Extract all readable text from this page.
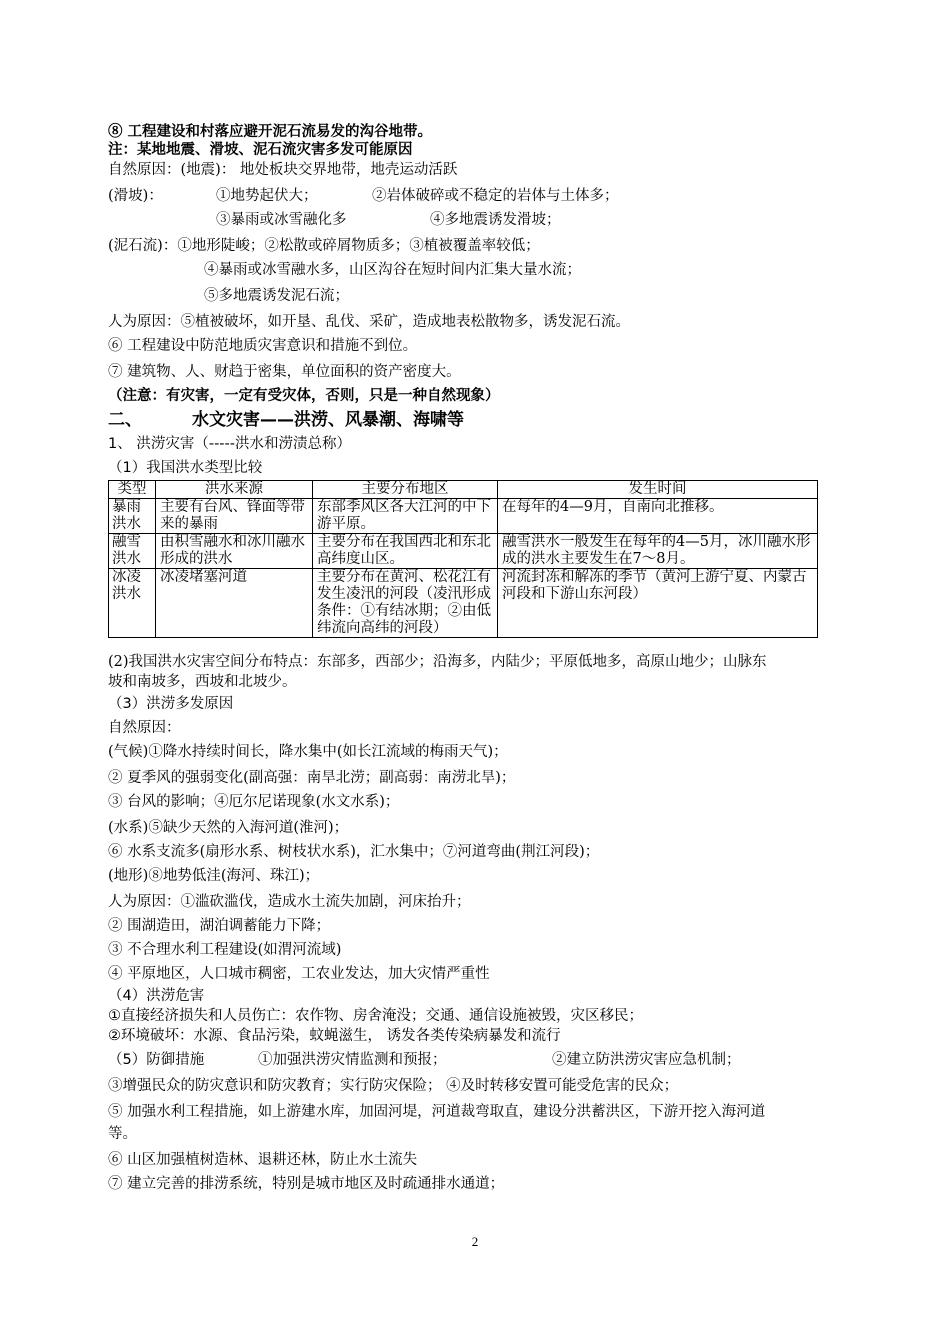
⑧ 工程建设和村落应避开泥石流易发的沟谷地带。
注：某地地震、滑坡、泥石流灾害多发可能原因
自然原因：(地震)： 地处板块交界地带，地壳运动活跃
(滑坡)：	①地势起伏大；	②岩体破碎或不稳定的岩体与土体多；
③暴雨或冰雪融化多	④多地震诱发滑坡；
(泥石流)：①地形陡峻；②松散或碎屑物质多；③植被覆盖率较低；
④暴雨或冰雪融水多，山区沟谷在短时间内汇集大量水流；
⑤多地震诱发泥石流；
人为原因：⑤植被破坏，如开垦、乱伐、采矿，造成地表松散物多，诱发泥石流。
⑥ 工程建设中防范地质灾害意识和措施不到位。
⑦ 建筑物、人、财趋于密集，单位面积的资产密度大。
（注意：有灾害，一定有受灾体，否则，只是一种自然现象）
二、	水文灾害——洪涝、风暴潮、海啸等
1、 洪涝灾害（-----洪水和涝渍总称）
（1）我国洪水类型比较
类型	洪水来源	主要分布地区	发生时间
暴雨洪水	主要有台风、锋面等带来的暴雨	东部季风区各大江河的中下游平原。	在每年的4—9月，自南向北推移。
融雪洪水	由积雪融水和冰川融水形成的洪水	主要分布在我国西北和东北高纬度山区。	融雪洪水一般发生在每年的4—5月，冰川融水形成的洪水主要发生在7～8月。
冰凌洪水	冰凌堵塞河道	主要分布在黄河、松花江有发生凌汛的河段（凌汛形成条件：①有结冰期；②由低纬流向高纬的河段）	河流封冻和解冻的季节（黄河上游宁夏、内蒙古河段和下游山东河段）
(2)我国洪水灾害空间分布特点：东部多，西部少；沿海多，内陆少；平原低地多，高原山地少；山脉东
坡和南坡多，西坡和北坡少。
（3）洪涝多发原因
自然原因：
(气候)①降水持续时间长，降水集中(如长江流域的梅雨天气)；
② 夏季风的强弱变化(副高强：南旱北涝；副高弱：南涝北旱)；
③ 台风的影响；④厄尔尼诺现象(水文水系)；
(水系)⑤缺少天然的入海河道(淮河)；
⑥ 水系支流多(扇形水系、树枝状水系)，汇水集中；⑦河道弯曲(荆江河段)；
(地形)⑧地势低洼(海河、珠江)；
人为原因：①滥砍滥伐，造成水土流失加剧，河床抬升；
② 围湖造田，湖泊调蓄能力下降；
③ 不合理水利工程建设(如渭河流域)
④ 平原地区，人口城市稠密，工农业发达，加大灾情严重性
（4）洪涝危害
①直接经济损失和人员伤亡：农作物、房舍淹没；交通、通信设施被毁，灾区移民；
②环境破坏：水源、食品污染，蚊蝇滋生， 诱发各类传染病暴发和流行
（5）防御措施	①加强洪涝灾情监测和预报；	②建立防洪涝灾害应急机制；
③增强民众的防灾意识和防灾教育；实行防灾保险； ④及时转移安置可能受危害的民众；
⑤ 加强水利工程措施，如上游建水库，加固河堤，河道裁弯取直，建设分洪蓄洪区，下游开挖入海河道
等。
⑥ 山区加强植树造林、退耕还林，防止水土流失
⑦ 建立完善的排涝系统，特别是城市地区及时疏通排水通道；
2
